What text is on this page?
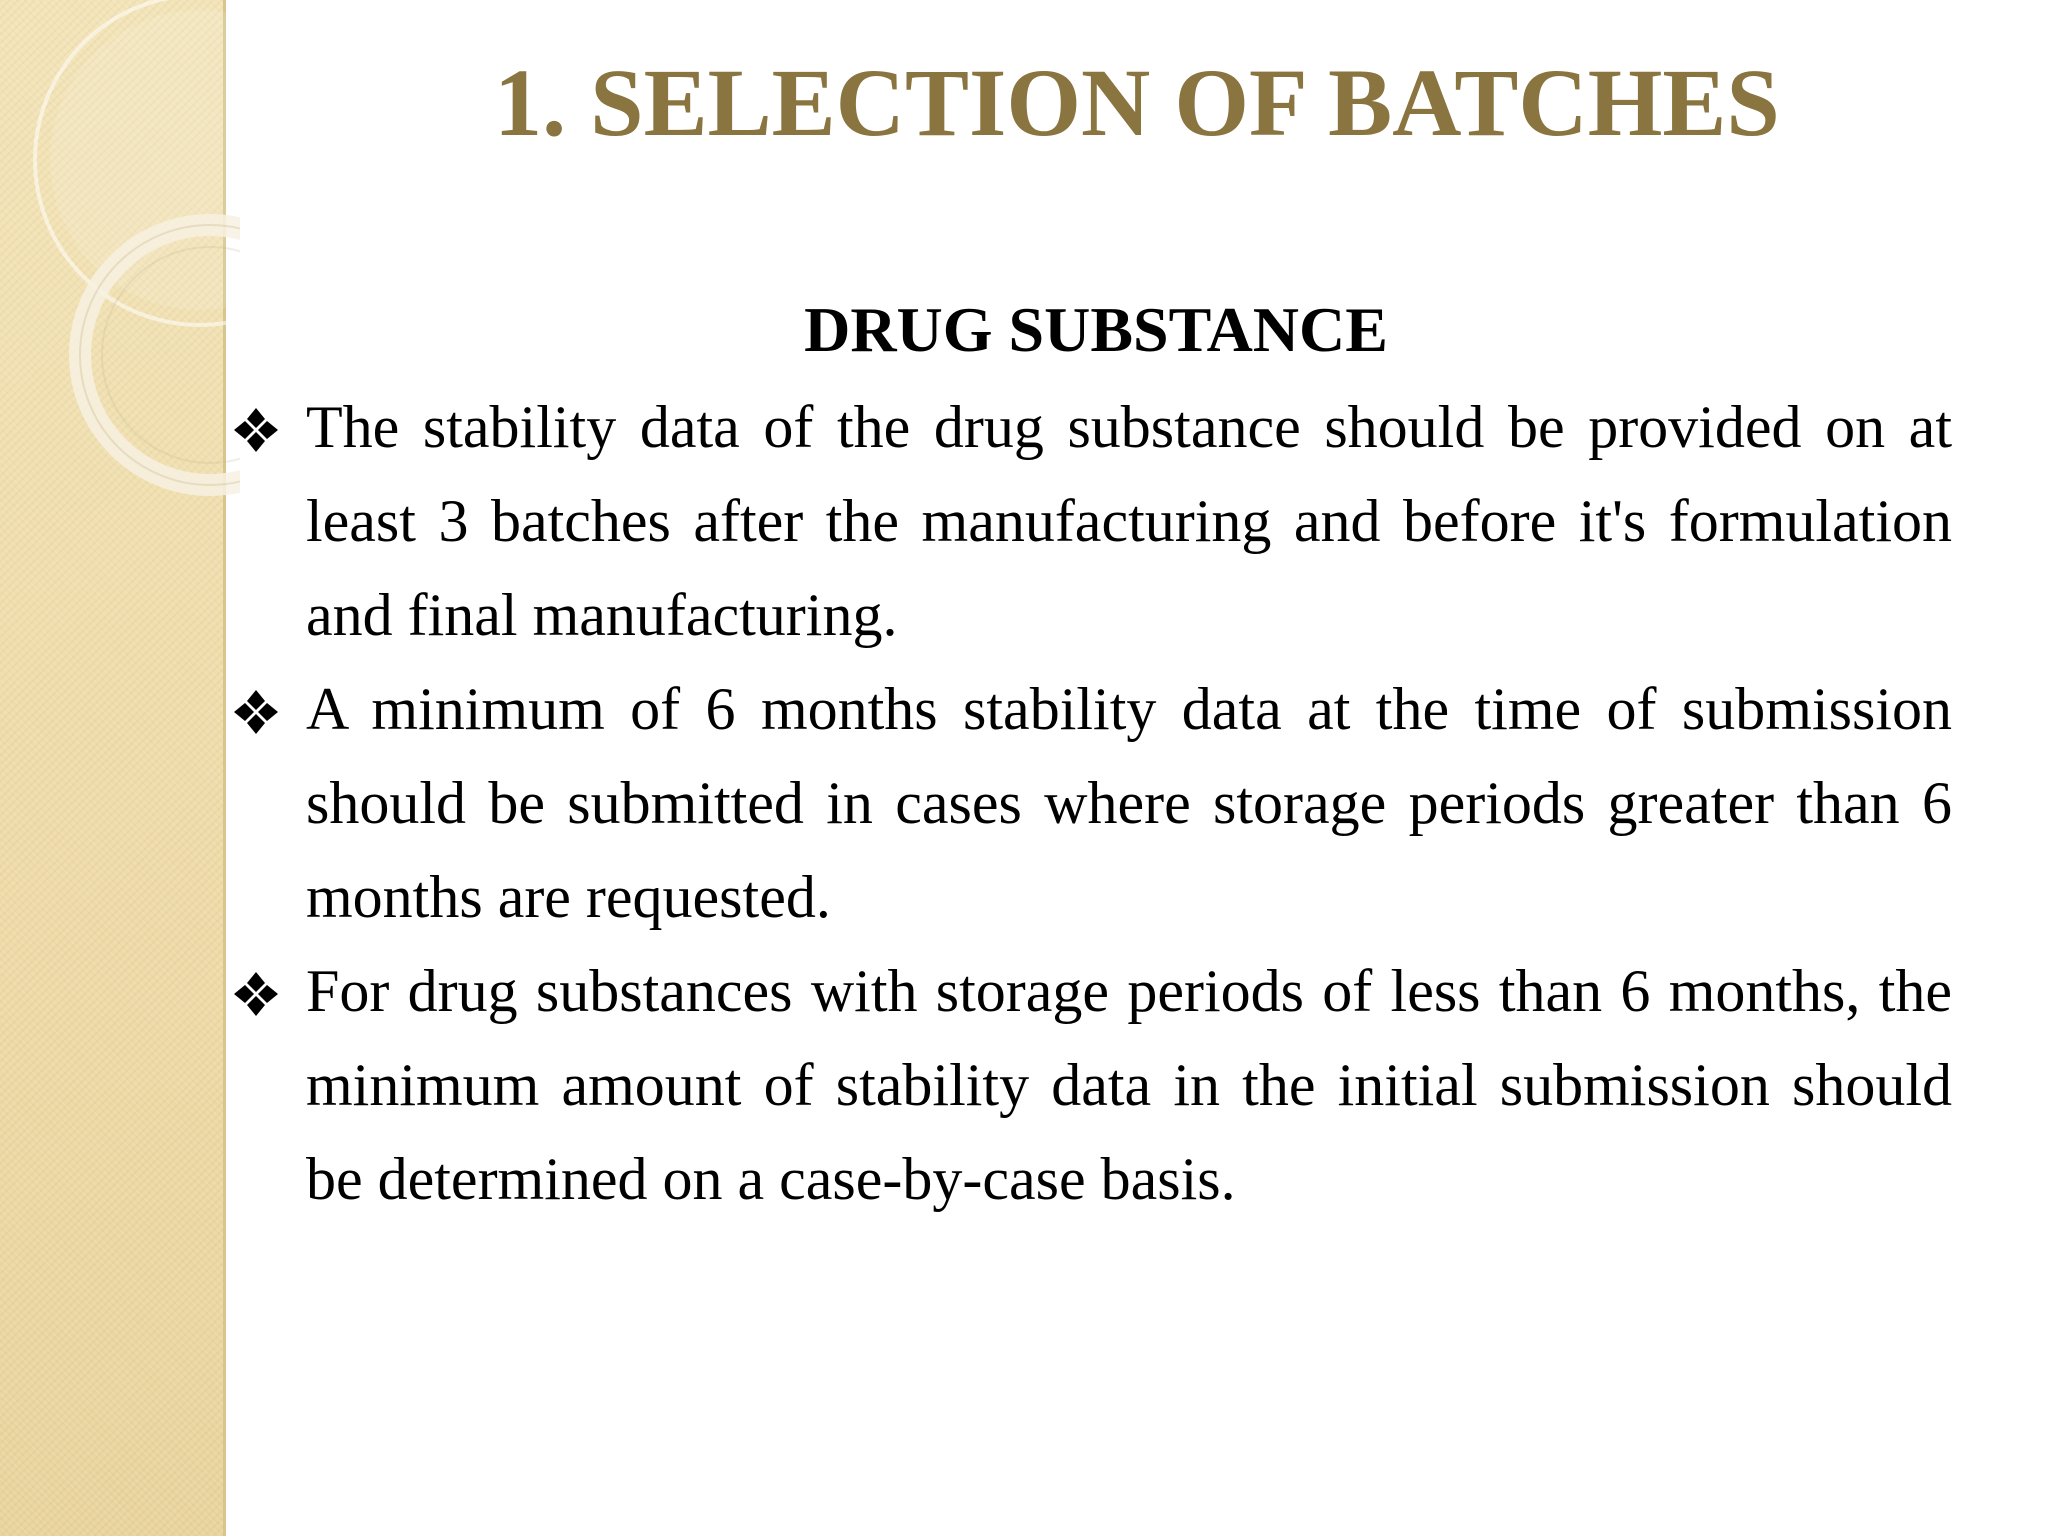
1. SELECTION OF BATCHES
DRUG SUBSTANCE
The stability data of the drug substance should be provided on at least 3 batches after the manufacturing and before it's formulation and final manufacturing.
A minimum of 6 months stability data at the time of submission should be submitted in cases where storage periods greater than 6 months are requested.
For drug substances with storage periods of less than 6 months, the minimum amount of stability data in the initial submission should be determined on a case-by-case basis.
